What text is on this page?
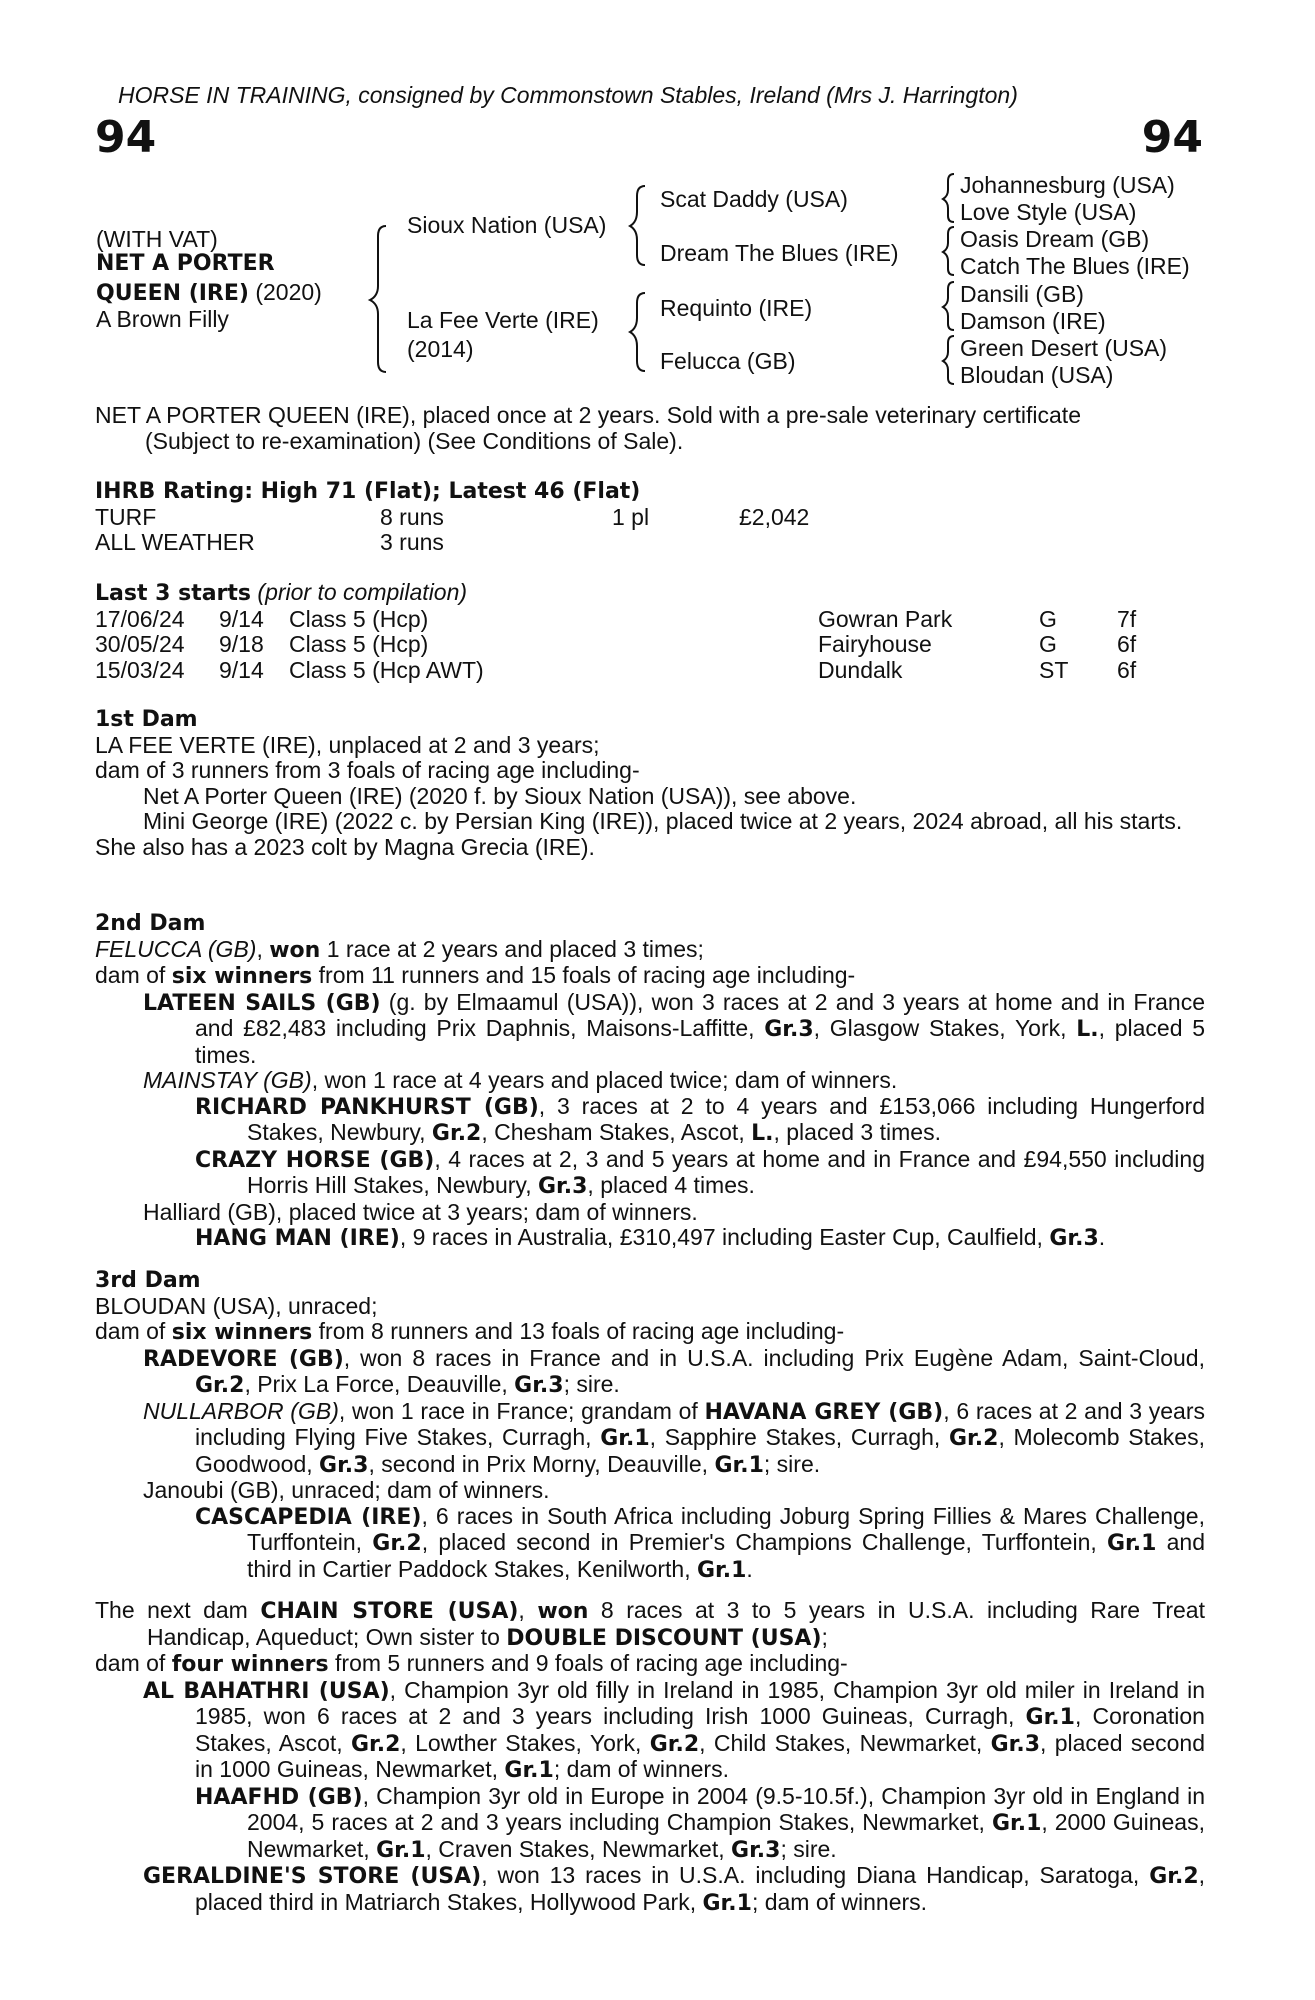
HORSE IN TRAINING, consigned by Commonstown Stables, Ireland (Mrs J. Harrington)
94	94
(WITH VAT)
NET A PORTER
QUEEN (IRE) (2020)
A Brown Filly
Sioux Nation (USA)
La Fee Verte (IRE)
(2014)
Scat Daddy (USA)
Dream The Blues (IRE)
Requinto (IRE)
Felucca (GB)
Johannesburg (USA)
Love Style (USA)
Oasis Dream (GB)
Catch The Blues (IRE)
Dansili (GB)
Damson (IRE)
Green Desert (USA)
Bloudan (USA)

NET A PORTER QUEEN (IRE), placed once at 2 years. Sold with a pre-sale veterinary certificate

(Subject to re-examination) (See Conditions of Sale).

IHRB Rating: High 71 (Flat); Latest 46 (Flat)

TURF	8 runs	1 pl	£2,042
ALL WEATHER	3 runs

Last 3 starts (prior to compilation)

17/06/24 9/14 Class 5 (Hcp)	Gowran Park	G	7f
30/05/24 9/18 Class 5 (Hcp)	Fairyhouse	G	6f
15/03/24 9/14 Class 5 (Hcp AWT)	Dundalk	ST 6f

1st Dam

LA FEE VERTE (IRE), unplaced at 2 and 3 years;

dam of 3 runners from 3 foals of racing age including-

Net A Porter Queen (IRE) (2020 f. by Sioux Nation (USA)), see above.

Mini George (IRE) (2022 c. by Persian King (IRE)), placed twice at 2 years, 2024 abroad, all his starts.

She also has a 2023 colt by Magna Grecia (IRE).

2nd Dam

FELUCCA (GB), won 1 race at 2 years and placed 3 times;

dam of six winners from 11 runners and 15 foals of racing age including-

LATEEN SAILS (GB) (g. by Elmaamul (USA)), won 3 races at 2 and 3 years at home and in France and £82,483 including Prix Daphnis, Maisons-Laffitte, Gr.3, Glasgow Stakes, York, L., placed 5 times.

MAINSTAY (GB), won 1 race at 4 years and placed twice; dam of winners.

RICHARD PANKHURST (GB), 3 races at 2 to 4 years and £153,066 including Hungerford Stakes, Newbury, Gr.2, Chesham Stakes, Ascot, L., placed 3 times.

CRAZY HORSE (GB), 4 races at 2, 3 and 5 years at home and in France and £94,550 including Horris Hill Stakes, Newbury, Gr.3, placed 4 times.

Halliard (GB), placed twice at 3 years; dam of winners.

HANG MAN (IRE), 9 races in Australia, £310,497 including Easter Cup, Caulfield, Gr.3.

3rd Dam

BLOUDAN (USA), unraced;

dam of six winners from 8 runners and 13 foals of racing age including-

RADEVORE (GB), won 8 races in France and in U.S.A. including Prix Eugène Adam, Saint-Cloud, Gr.2, Prix La Force, Deauville, Gr.3; sire.

NULLARBOR (GB), won 1 race in France; grandam of HAVANA GREY (GB), 6 races at 2 and 3 years including Flying Five Stakes, Curragh, Gr.1, Sapphire Stakes, Curragh, Gr.2, Molecomb Stakes, Goodwood, Gr.3, second in Prix Morny, Deauville, Gr.1; sire.

Janoubi (GB), unraced; dam of winners.

CASCAPEDIA (IRE), 6 races in South Africa including Joburg Spring Fillies & Mares Challenge, Turffontein, Gr.2, placed second in Premier's Champions Challenge, Turffontein, Gr.1 and third in Cartier Paddock Stakes, Kenilworth, Gr.1.

The next dam CHAIN STORE (USA), won 8 races at 3 to 5 years in U.S.A. including Rare Treat Handicap, Aqueduct; Own sister to DOUBLE DISCOUNT (USA);

dam of four winners from 5 runners and 9 foals of racing age including-

AL BAHATHRI (USA), Champion 3yr old filly in Ireland in 1985, Champion 3yr old miler in Ireland in 1985, won 6 races at 2 and 3 years including Irish 1000 Guineas, Curragh, Gr.1, Coronation Stakes, Ascot, Gr.2, Lowther Stakes, York, Gr.2, Child Stakes, Newmarket, Gr.3, placed second in 1000 Guineas, Newmarket, Gr.1; dam of winners.

HAAFHD (GB), Champion 3yr old in Europe in 2004 (9.5-10.5f.), Champion 3yr old in England in 2004, 5 races at 2 and 3 years including Champion Stakes, Newmarket, Gr.1, 2000 Guineas, Newmarket, Gr.1, Craven Stakes, Newmarket, Gr.3; sire.

GERALDINE'S STORE (USA), won 13 races in U.S.A. including Diana Handicap, Saratoga, Gr.2, placed third in Matriarch Stakes, Hollywood Park, Gr.1; dam of winners.
